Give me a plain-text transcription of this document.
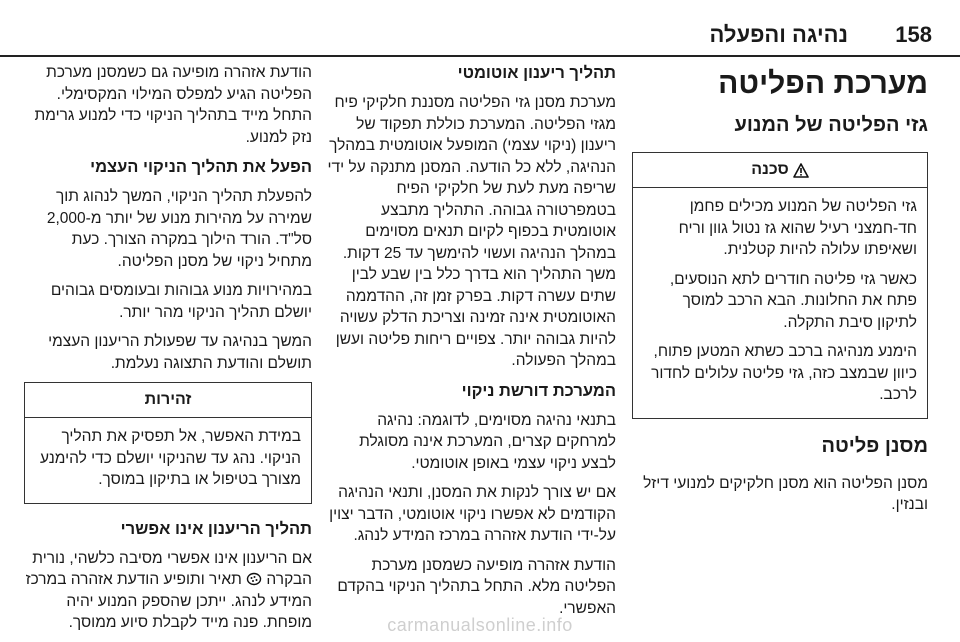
158
נהיגה והפעלה
מערכת הפליטה
גזי הפליטה של המנוע
סכנה

גזי הפליטה של המנוע מכילים פחמן חד-חמצני רעיל שהוא גז נטול גוון וריח ושאיפתו עלולה להיות קטלנית.

כאשר גזי פליטה חודרים לתא הנוסעים, פתח את החלונות. הבא הרכב למוסך לתיקון סיבת התקלה.

הימנע מנהיגה ברכב כשתא המטען פתוח, כיוון שבמצב כזה, גזי פליטה עלולים לחדור לרכב.

מסנן פליטה

מסנן הפליטה הוא מסנן חלקיקים למנועי דיזל ובנזין.

תהליך ריענון אוטומטי

מערכת מסנן גזי הפליטה מסננת חלקיקי פיח מגזי הפליטה. המערכת כוללת תפקוד של ריענון (ניקוי עצמי) המופעל אוטומטית במהלך הנהיגה, ללא כל הודעה. המסנן מתנקה על ידי שריפה מעת לעת של חלקיקי הפיח בטמפרטורה גבוהה. התהליך מתבצע אוטומטית בכפוף לקיום תנאים מסוימים במהלך הנהיגה ועשוי להימשך עד 25 דקות. משך התהליך הוא בדרך כלל בין שבע לבין שתים עשרה דקות. בפרק זמן זה, ההדממה האוטומטית אינה זמינה וצריכת הדלק עשויה להיות גבוהה יותר. צפויים ריחות פליטה ועשן במהלך הפעולה.

המערכת דורשת ניקוי

בתנאי נהיגה מסוימים, לדוגמה: נהיגה למרחקים קצרים, המערכת אינה מסוגלת לבצע ניקוי עצמי באופן אוטומטי.

אם יש צורך לנקות את המסנן, ותנאי הנהיגה הקודמים לא אפשרו ניקוי אוטומטי, הדבר יצוין על-ידי הודעת אזהרה במרכז המידע לנהג.

הודעת אזהרה מופיעה כשמסנן מערכת הפליטה מלא. התחל בתהליך הניקוי בהקדם האפשרי.

הודעת אזהרה מופיעה גם כשמסנן מערכת הפליטה הגיע למפלס המילוי המקסימלי. התחל מייד בתהליך הניקוי כדי למנוע גרימת נזק למנוע.

הפעל את תהליך הניקוי העצמי

להפעלת תהליך הניקוי, המשך לנהוג תוך שמירה על מהירות מנוע של יותר מ-2,000 סל"ד. הורד הילוך במקרה הצורך. כעת מתחיל ניקוי של מסנן הפליטה.

במהירויות מנוע גבוהות ובעומסים גבוהים יושלם תהליך הניקוי מהר יותר.

המשך בנהיגה עד שפעולת הריענון העצמי תושלם והודעת התצוגה נעלמת.

זהירות

במידת האפשר, אל תפסיק את תהליך הניקוי. נהג עד שהניקוי יושלם כדי להימנע מצורך בטיפול או בתיקון במוסך.

תהליך הריענון אינו אפשרי

אם הריענון אינו אפשרי מסיבה כלשהי, נורית הבקרה
תאיר ותופיע הודעת אזהרה במרכז המידע לנהג. ייתכן שהספק המנוע יהיה מופחת. פנה מייד לקבלת סיוע ממוסך.	carmanualsonline.info
